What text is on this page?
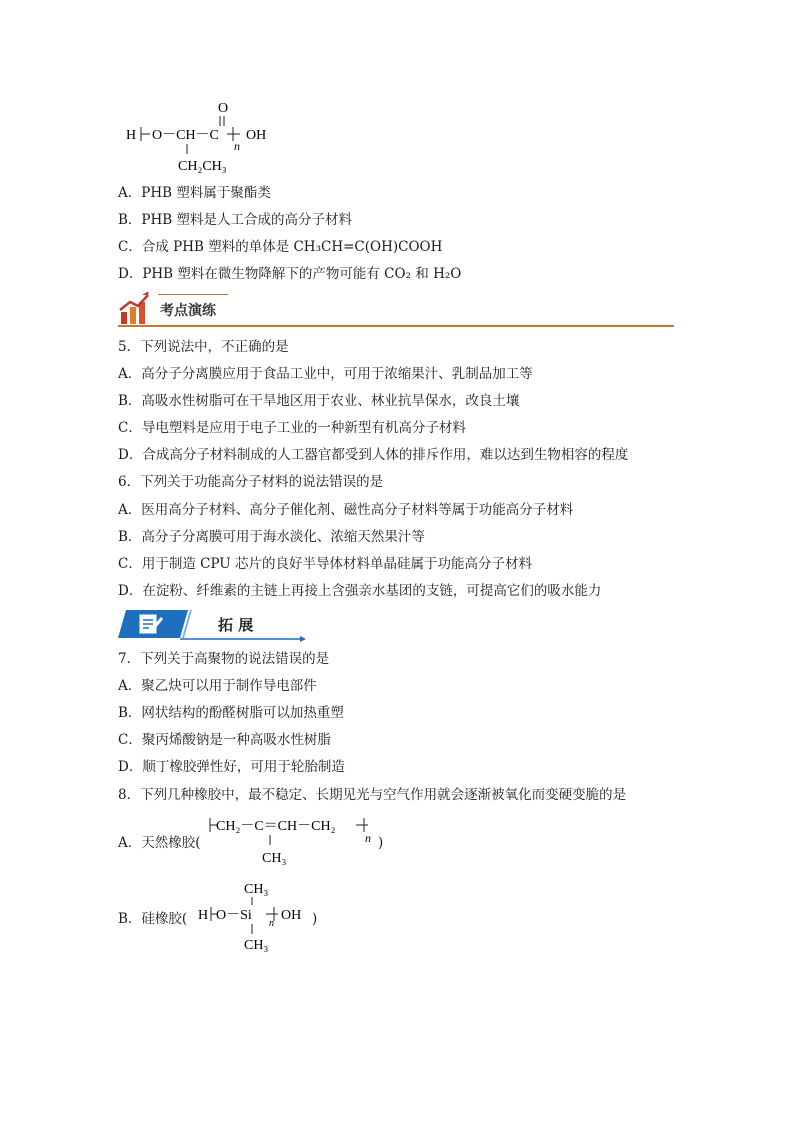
O
H O－CH－C
n
OH
CH₂CH₃
A．PHB 塑料属于聚酯类
B．PHB 塑料是人工合成的高分子材料
C．合成 PHB 塑料的单体是 CH₃CH=C(OH)COOH
D．PHB 塑料在微生物降解下的产物可能有 CO₂ 和 H₂O
考点演练
5．下列说法中，不正确的是
A．高分子分离膜应用于食品工业中，可用于浓缩果汁、乳制品加工等
B．高吸水性树脂可在干旱地区用于农业、林业抗旱保水，改良土壤
C．导电塑料是应用于电子工业的一种新型有机高分子材料
D．合成高分子材料制成的人工器官都受到人体的排斥作用，难以达到生物相容的程度
6．下列关于功能高分子材料的说法错误的是
A．医用高分子材料、高分子催化剂、磁性高分子材料等属于功能高分子材料
B．高分子分离膜可用于海水淡化、浓缩天然果汁等
C．用于制造 CPU 芯片的良好半导体材料单晶硅属于功能高分子材料
D．在淀粉、纤维素的主链上再接上含强亲水基团的支链，可提高它们的吸水能力
拓 展
7．下列关于高聚物的说法错误的是
A．聚乙炔可以用于制作导电部件
B．网状结构的酚醛树脂可以加热重塑
C．聚丙烯酸钠是一种高吸水性树脂
D．顺丁橡胶弹性好，可用于轮胎制造
8．下列几种橡胶中，最不稳定、长期见光与空气作用就会逐渐被氧化而变硬变脆的是
A．天然橡胶(
CH₂－C＝CH－CH₂
n
CH₃
)
B．硅橡胶(
CH₃
H O－Si
n
OH
CH₃
)
